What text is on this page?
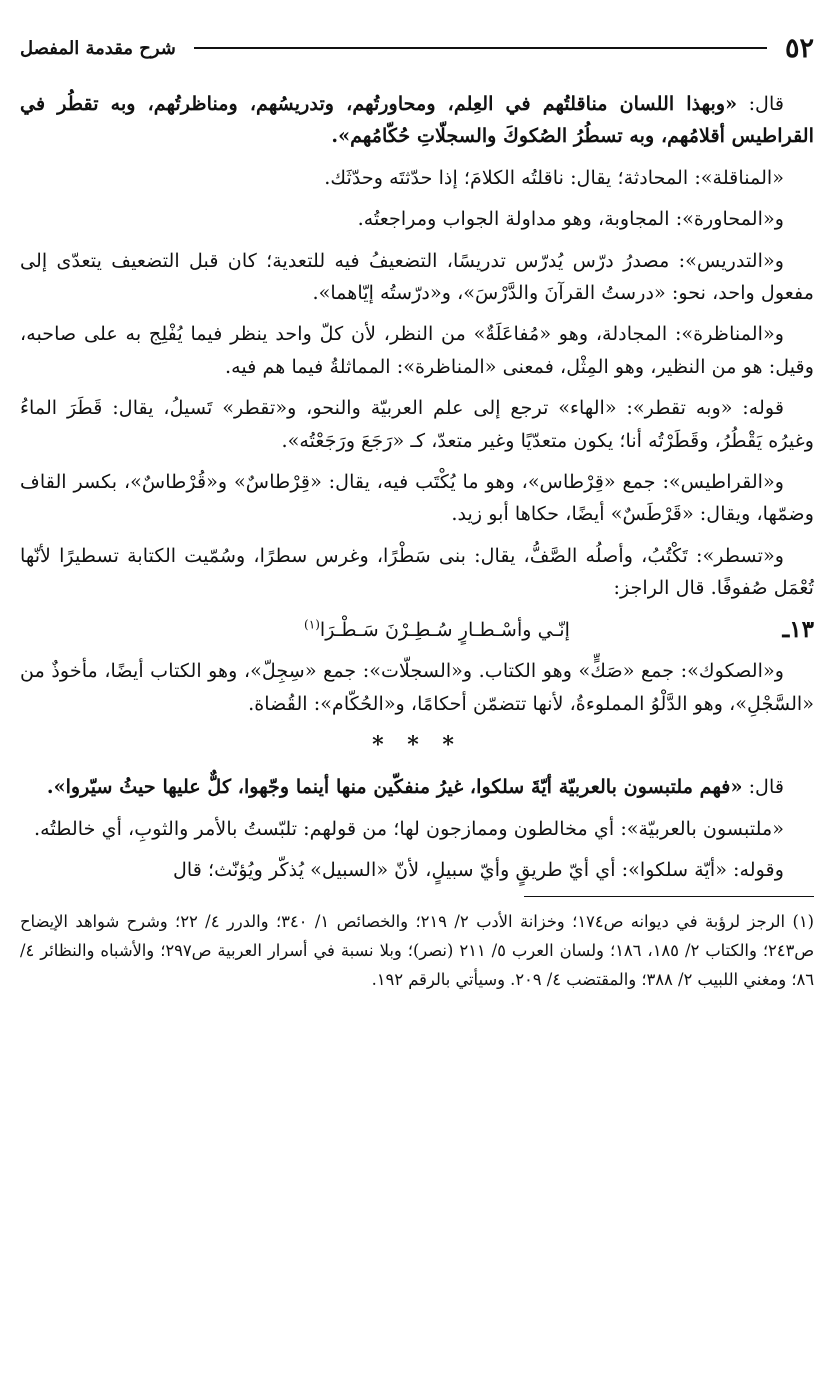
٥٢
شرح مقدمة المفصل

قال: «وبهذا اللسان مناقلتُهم في العِلم، ومحاورتُهم، وتدريسُهم، ومناظرتُهم، وبه تقطُر في القراطيس أقلامُهم، وبه تسطُرُ الصُكوكَ والسجلّاتِ حُكّامُهم».

«المناقلة»: المحادثة؛ يقال: ناقلتُه الكلامَ؛ إذا حدّثتَه وحدّثَك.

و«المحاورة»: المجاوبة، وهو مداولة الجواب ومراجعتُه.

و«التدريس»: مصدرُ درّس يُدرّس تدريسًا، التضعيفُ فيه للتعدية؛ كان قبل التضعيف يتعدّى إلى مفعول واحد، نحو: «درستُ القرآنَ والدَّرْسَ»، و«درّستُه إيّاهما».

و«المناظرة»: المجادلة، وهو «مُفاعَلَةٌ» من النظر، لأن كلّ واحد ينظر فيما يُفْلِج به على صاحبه، وقيل: هو من النظير، وهو المِثْل، فمعنى «المناظرة»: المماثلةُ فيما هم فيه.

قوله: «وبه تقطر»: «الهاء» ترجع إلى علم العربيّة والنحو، و«تقطر» تَسيلُ، يقال: قَطَرَ الماءُ وغيرُه يَقْطُرُ، وقَطَرْتُه أنا؛ يكون متعدّيًا وغير متعدّ، كـ «رَجَعَ ورَجَعْتُه».

و«القراطيس»: جمع «قِرْطاس»، وهو ما يُكْتَب فيه، يقال: «قِرْطاسٌ» و«قُرْطاسٌ»، بكسر القاف وضمّها، ويقال: «قَرْطَسٌ» أيضًا، حكاها أبو زيد.

و«تسطر»: تَكْتُبُ، وأصلُه الصَّفُّ، يقال: بنى سَطْرًا، وغرس سطرًا، وسُمّيت الكتابة تسطيرًا لأنّها تُعْمَل صُفوفًا. قال الراجز:

١٣ـ
إنّـي وأسْـطـارٍ سُـطِـرْنَ سَـطْـرَا$^{(١)}$

و«الصكوك»: جمع «صَكٍّ» وهو الكتاب. و«السجلّات»: جمع «سِجِلّ»، وهو الكتاب أيضًا، مأخوذٌ من «السَّجْلِ»، وهو الدَّلْوُ المملوءةُ، لأنها تتضمّن أحكامًا، و«الحُكّام»: القُضاة.

* * *

قال: «فهم ملتبسون بالعربيّة أيّةَ سلكوا، غيرُ منفكّين منها أينما وجّهوا، كلٌّ عليها حيثُ سيّروا».

«ملتبسون بالعربيّة»: أي مخالطون وممازجون لها؛ من قولهم: تلبّستُ بالأمر والثوبِ، أي خالطتُه.

وقوله: «أيّة سلكوا»: أي أيّ طريقٍ وأيّ سبيلٍ، لأنّ «السبيل» يُذكّر ويُؤنّث؛ قال

(١) الرجز لرؤبة في ديوانه ص١٧٤؛ وخزانة الأدب ٢/ ٢١٩؛ والخصائص ١/ ٣٤٠؛ والدرر ٤/ ٢٢؛ وشرح شواهد الإيضاح ص٢٤٣؛ والكتاب ٢/ ١٨٥، ١٨٦؛ ولسان العرب ٥/ ٢١١ (نصر)؛ وبلا نسبة في أسرار العربية ص٢٩٧؛ والأشباه والنظائر ٤/ ٨٦؛ ومغني اللبيب ٢/ ٣٨٨؛ والمقتضب ٤/ ٢٠٩. وسيأتي بالرقم ١٩٢.
